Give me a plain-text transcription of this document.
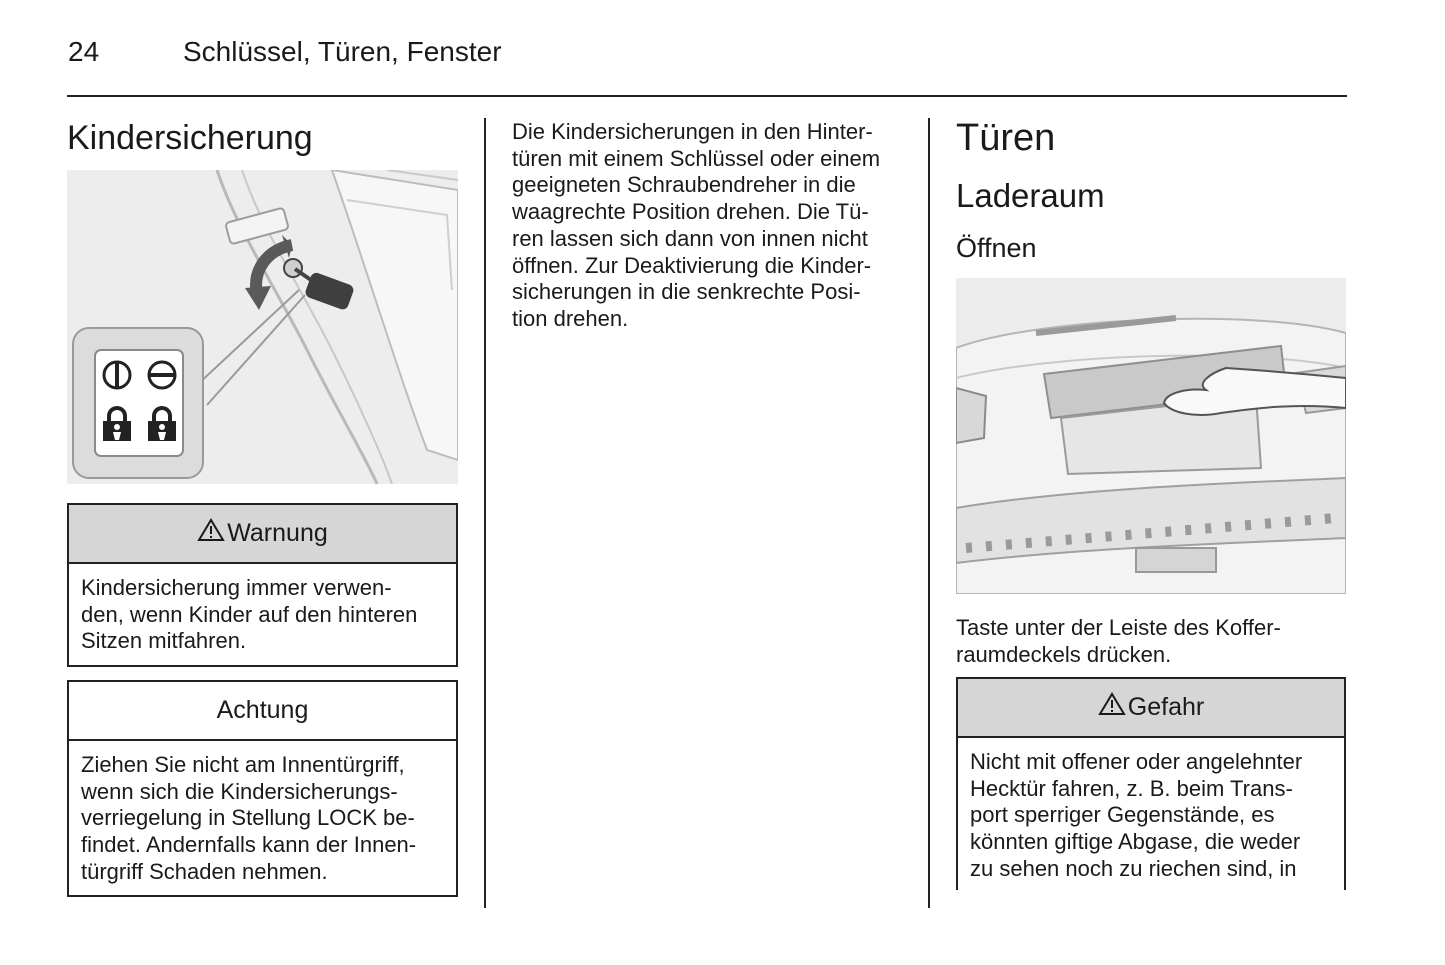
24	Schlüssel, Türen, Fenster
Kindersicherung
Warnung
Kindersicherung immer verwen-
den, wenn Kinder auf den hinteren
Sitzen mitfahren.
Achtung
Ziehen Sie nicht am Innentürgriff,
wenn sich die Kindersicherungs-
verriegelung in Stellung LOCK be-
findet. Andernfalls kann der Innen-
türgriff Schaden nehmen.
Die Kindersicherungen in den Hinter-
türen mit einem Schlüssel oder einem
geeigneten Schraubendreher in die
waagrechte Position drehen. Die Tü-
ren lassen sich dann von innen nicht
öffnen. Zur Deaktivierung die Kinder-
sicherungen in die senkrechte Posi-
tion drehen.
Türen
Laderaum
Öffnen
Taste unter der Leiste des Koffer-
raumdeckels drücken.
Gefahr
Nicht mit offener oder angelehnter
Hecktür fahren, z. B. beim Trans-
port sperriger Gegenstände, es
könnten giftige Abgase, die weder
zu sehen noch zu riechen sind, in
